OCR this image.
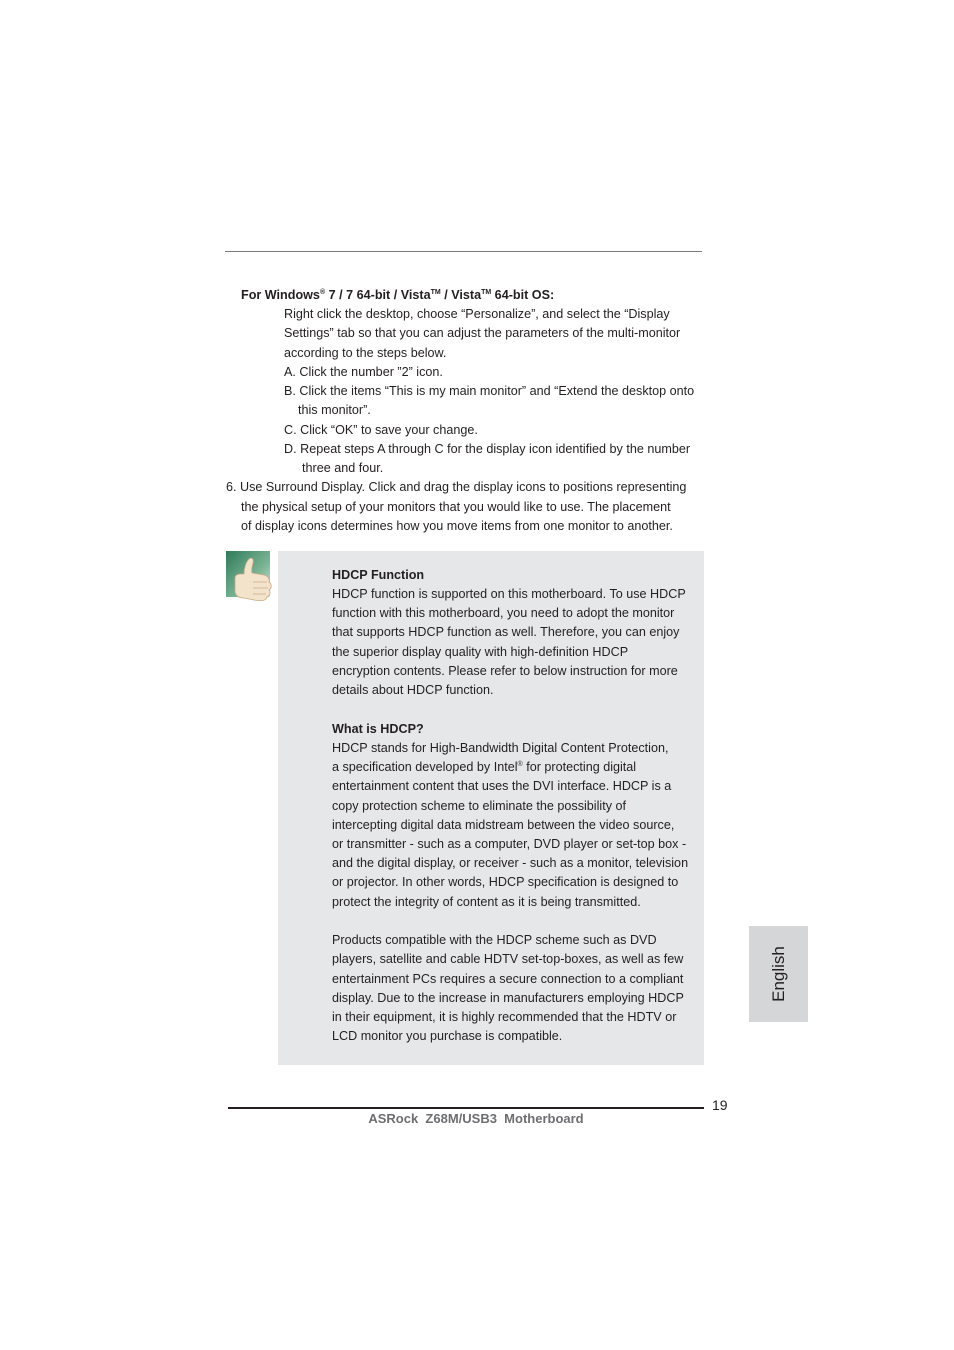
For Windows® 7 / 7 64-bit / Vista™ / Vista™ 64-bit OS:
Right click the desktop, choose “Personalize”, and select the “Display
Settings” tab so that you can adjust the parameters of the multi-monitor
according to the steps below.
A. Click the number ”2” icon.
B. Click the items “This is my main monitor” and “Extend the desktop onto
this monitor”.
C. Click “OK” to save your change.
D. Repeat steps A through C for the display icon identified by the number
three and four.
6. Use Surround Display. Click and drag the display icons to positions representing
the physical setup of your monitors that you would like to use. The placement
of display icons determines how you move items from one monitor to another.
HDCP Function
HDCP function is supported on this motherboard. To use HDCP
function with this motherboard, you need to adopt the monitor
that supports HDCP function as well. Therefore, you can enjoy
the superior display quality with high-definition HDCP
encryption contents. Please refer to below instruction for more
details about HDCP function.
What is HDCP?
HDCP stands for High-Bandwidth Digital Content Protection,
a specification developed by Intel® for protecting digital
entertainment content that uses the DVI interface. HDCP is a
copy protection scheme to eliminate the possibility of
intercepting digital data midstream between the video source,
or transmitter - such as a computer, DVD player or set-top box -
and the digital display, or receiver - such as a monitor, television
or projector. In other words, HDCP specification is designed to
protect the integrity of content as it is being transmitted.
Products compatible with the HDCP scheme such as DVD
players, satellite and cable HDTV set-top-boxes, as well as few
entertainment PCs requires a secure connection to a compliant
display. Due to the increase in manufacturers employing HDCP
in their equipment, it is highly recommended that the HDTV or
LCD monitor you purchase is compatible.
English
19
ASRock  Z68M/USB3  Motherboard
